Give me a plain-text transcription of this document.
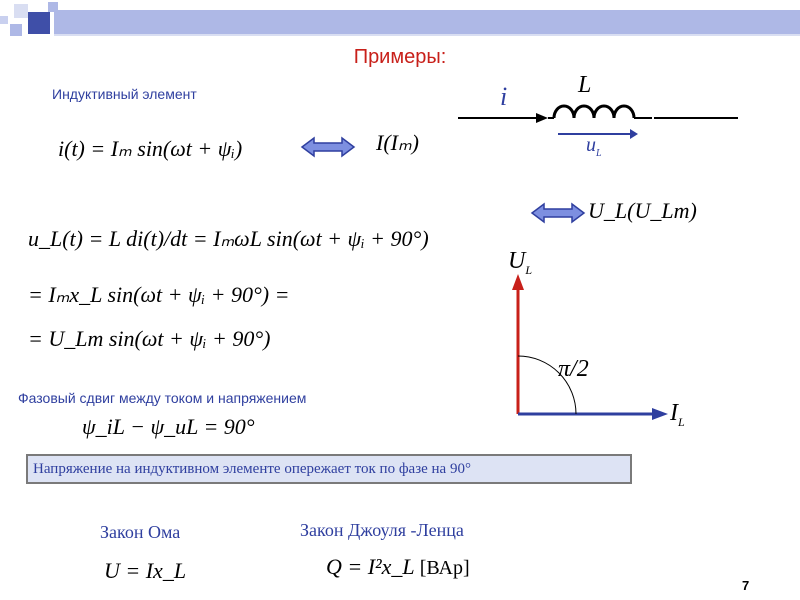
Примеры:
Индуктивный элемент	i	L
$u_L$
i(t) = Iₘ sin(ωt + ψᵢ)	I(Iₘ)
U_L(U_Lm)
u_L(t) = L di(t)/dt = IₘωL sin(ωt + ψᵢ + 90°)
= Iₘx_L sin(ωt + ψᵢ + 90°) =
= U_Lm sin(ωt + ψᵢ + 90°)
$U_L$
$I_L$
π/2
Фазовый сдвиг между током и напряжением
ψ_iL − ψ_uL = 90°
Напряжение на индуктивном элементе опережает ток по фазе на 90°
Закон Ома
U = Ix_L
Закон Джоуля -Ленца
Q = I²x_L [ВАр]
7
